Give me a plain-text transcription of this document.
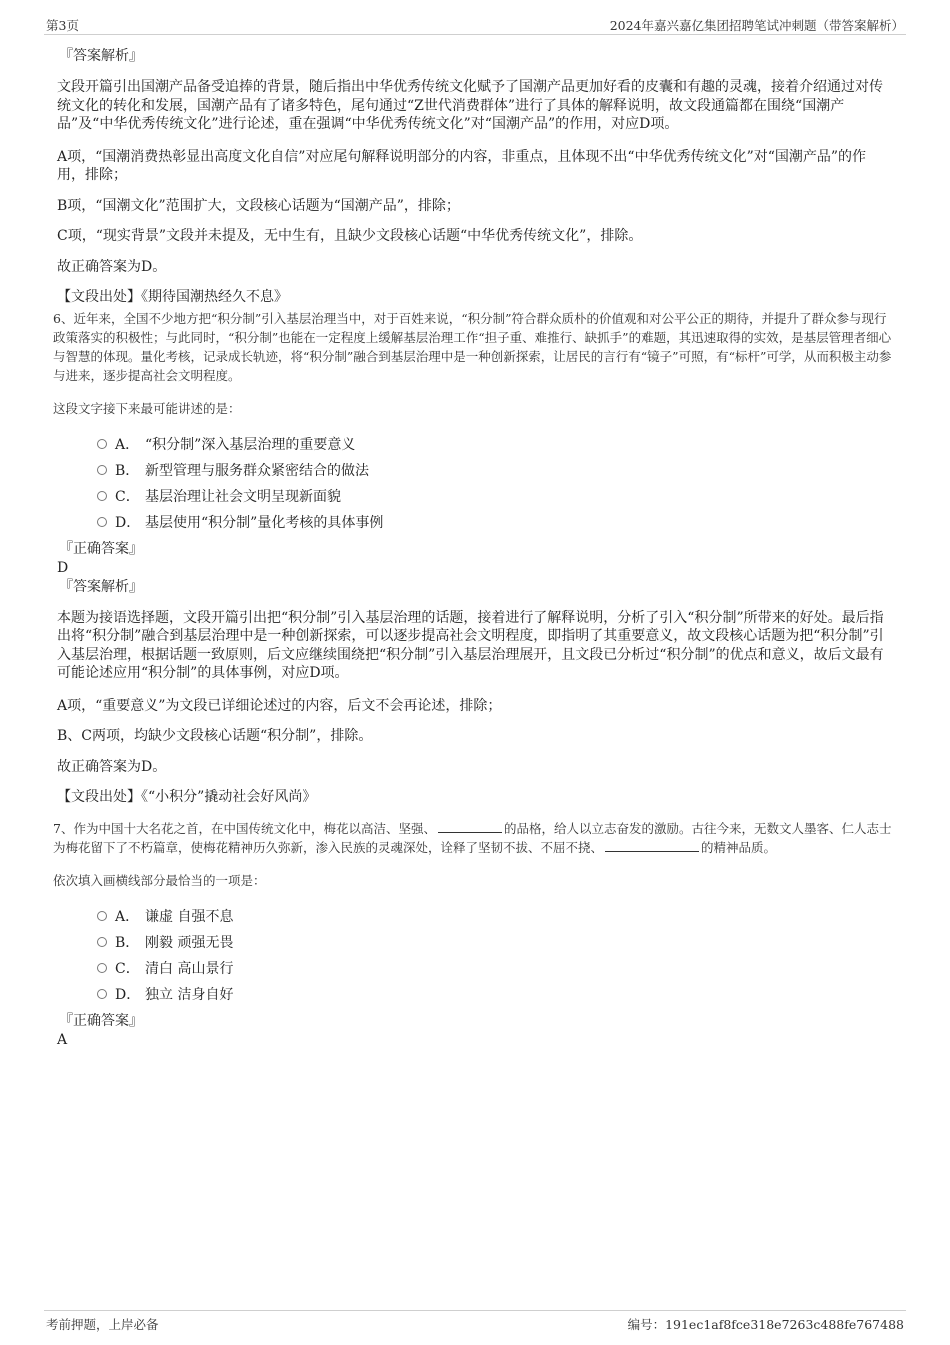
第3页	2024年嘉兴嘉亿集团招聘笔试冲刺题（带答案解析）

『答案解析』

文段开篇引出国潮产品备受追捧的背景，随后指出中华优秀传统文化赋予了国潮产品更加好看的皮囊和有趣的灵魂，接着介绍通过对传统文化的转化和发展，国潮产品有了诸多特色，尾句通过“Z世代消费群体”进行了具体的解释说明，故文段通篇都在围绕“国潮产品”及“中华优秀传统文化”进行论述，重在强调“中华优秀传统文化”对“国潮产品”的作用，对应D项。

A项，“国潮消费热彰显出高度文化自信”对应尾句解释说明部分的内容，非重点，且体现不出“中华优秀传统文化”对“国潮产品”的作用，排除；

B项，“国潮文化”范围扩大，文段核心话题为“国潮产品”，排除；

C项，“现实背景”文段并未提及，无中生有，且缺少文段核心话题“中华优秀传统文化”，排除。

故正确答案为D。

【文段出处】《期待国潮热经久不息》

6、近年来，全国不少地方把“积分制”引入基层治理当中，对于百姓来说，“积分制”符合群众质朴的价值观和对公平公正的期待，并提升了群众参与现行政策落实的积极性；与此同时，“积分制”也能在一定程度上缓解基层治理工作“担子重、难推行、缺抓手”的难题，其迅速取得的实效，是基层管理者细心与智慧的体现。量化考核，记录成长轨迹，将“积分制”融合到基层治理中是一种创新探索，让居民的言行有“镜子”可照，有“标杆”可学，从而积极主动参与进来，逐步提高社会文明程度。

这段文字接下来最可能讲述的是：

A． “积分制”深入基层治理的重要意义
B． 新型管理与服务群众紧密结合的做法
C． 基层治理让社会文明呈现新面貌
D． 基层使用“积分制”量化考核的具体事例

『正确答案』

D

『答案解析』

本题为接语选择题，文段开篇引出把“积分制”引入基层治理的话题，接着进行了解释说明，分析了引入“积分制”所带来的好处。最后指出将“积分制”融合到基层治理中是一种创新探索，可以逐步提高社会文明程度，即指明了其重要意义，故文段核心话题为把“积分制”引入基层治理，根据话题一致原则，后文应继续围绕把“积分制”引入基层治理展开，且文段已分析过“积分制”的优点和意义，故后文最有可能论述应用“积分制”的具体事例，对应D项。

A项，“重要意义”为文段已详细论述过的内容，后文不会再论述，排除；

B、C两项，均缺少文段核心话题“积分制”，排除。

故正确答案为D。

【文段出处】《“小积分”撬动社会好风尚》

7、作为中国十大名花之首，在中国传统文化中，梅花以高洁、坚强、	的品格，给人以立志奋发的激励。古往今来，无数文人墨客、仁人志士为梅花留下了不朽篇章，使梅花精神历久弥新，渗入民族的灵魂深处，诠释了坚韧不拔、不屈不挠、	的精神品质。

依次填入画横线部分最恰当的一项是：

A． 谦虚 自强不息
B． 刚毅 顽强无畏
C． 清白 高山景行
D． 独立 洁身自好

『正确答案』

A

考前押题，上岸必备	编号：191ec1af8fce318e7263c488fe767488
